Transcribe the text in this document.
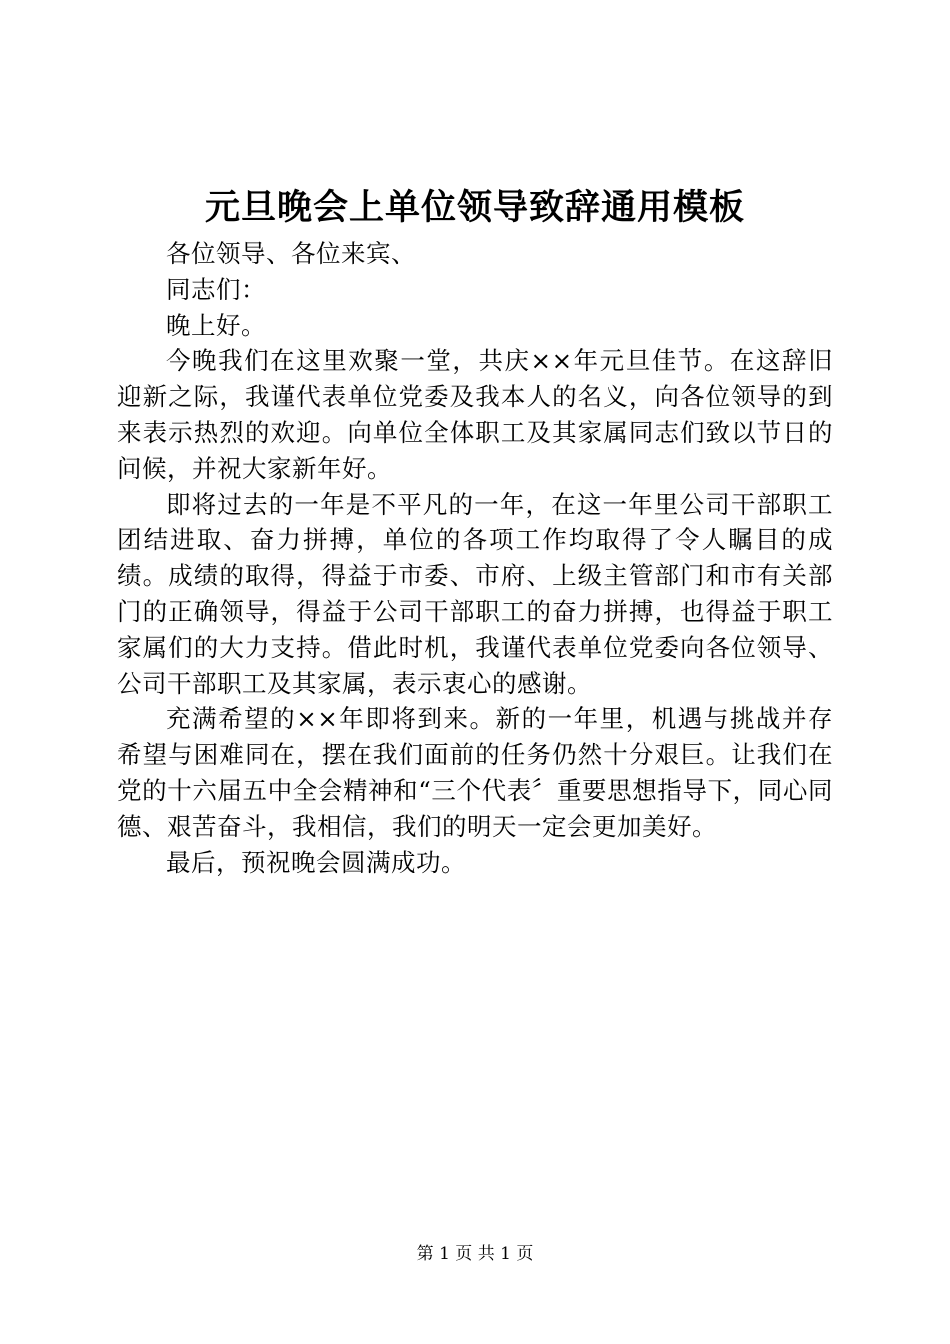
元旦晚会上单位领导致辞通用模板

各位领导、各位来宾、

同志们：

晚上好。

今晚我们在这里欢聚一堂，共庆××年元旦佳节。在这辞旧迎新之际，我谨代表单位党委及我本人的名义，向各位领导的到来表示热烈的欢迎。向单位全体职工及其家属同志们致以节日的问候，并祝大家新年好。

即将过去的一年是不平凡的一年，在这一年里公司干部职工团结进取、奋力拼搏，单位的各项工作均取得了令人瞩目的成绩。成绩的取得，得益于市委、市府、上级主管部门和市有关部门的正确领导，得益于公司干部职工的奋力拼搏，也得益于职工家属们的大力支持。借此时机，我谨代表单位党委向各位领导、公司干部职工及其家属，表示衷心的感谢。

充满希望的××年即将到来。新的一年里，机遇与挑战并存希望与困难同在，摆在我们面前的任务仍然十分艰巨。让我们在党的十六届五中全会精神和“三个代表〞重要思想指导下，同心同德、艰苦奋斗，我相信，我们的明天一定会更加美好。

最后，预祝晚会圆满成功。

第 1 页 共 1 页
